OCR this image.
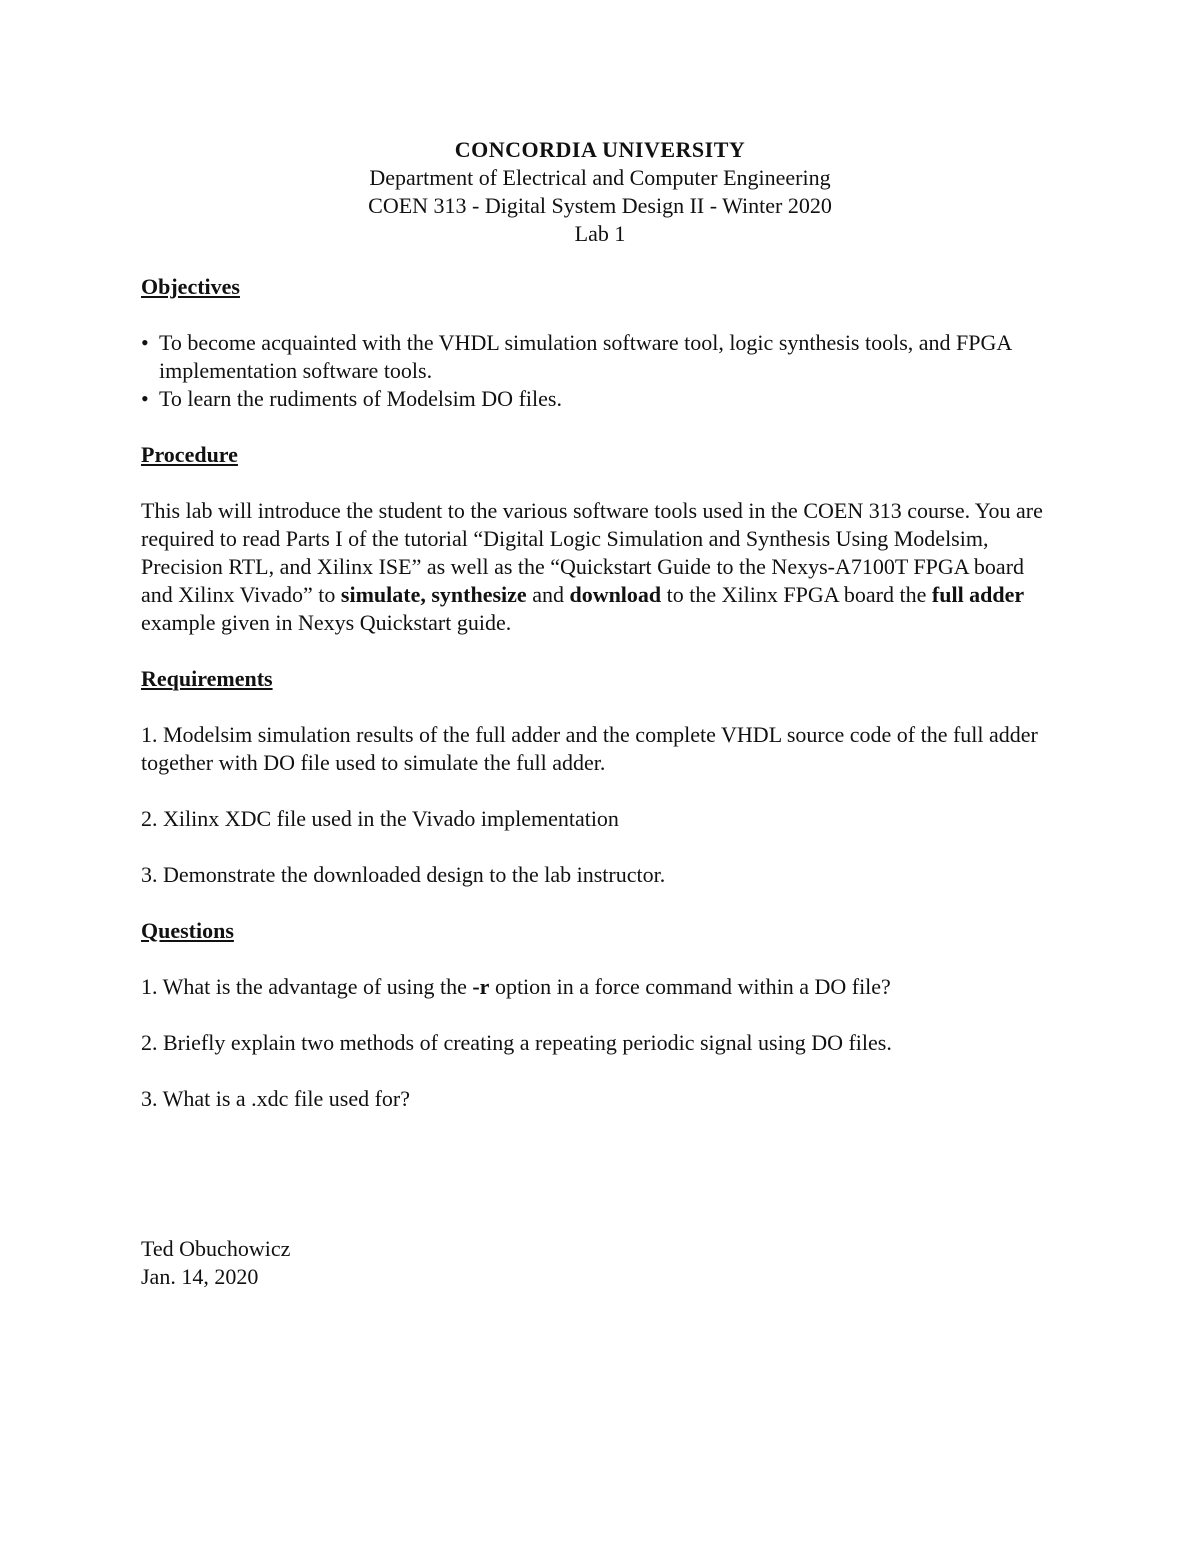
CONCORDIA UNIVERSITY
Department of Electrical and Computer Engineering
COEN 313 - Digital System Design II - Winter 2020
Lab 1

Objectives

• To become acquainted with the VHDL simulation software tool, logic synthesis tools, and FPGA implementation software tools.
• To learn the rudiments of Modelsim DO files.

Procedure

This lab will introduce the student to the various software tools used in the COEN 313 course. You are required to read Parts I of the tutorial “Digital Logic Simulation and Synthesis Using Modelsim, Precision RTL, and Xilinx ISE” as well as the “Quickstart Guide to the Nexys-A7100T FPGA board and Xilinx Vivado” to simulate, synthesize and download to the Xilinx FPGA board the full adder example given in Nexys Quickstart guide.

Requirements

1. Modelsim simulation results of the full adder and the complete VHDL source code of the full adder together with DO file used to simulate the full adder.

2. Xilinx XDC file used in the Vivado implementation

3. Demonstrate the downloaded design to the lab instructor.

Questions

1. What is the advantage of using the -r option in a force command within a DO file?

2. Briefly explain two methods of creating a repeating periodic signal using DO files.

3. What is a .xdc file used for?

Ted Obuchowicz
Jan. 14, 2020
